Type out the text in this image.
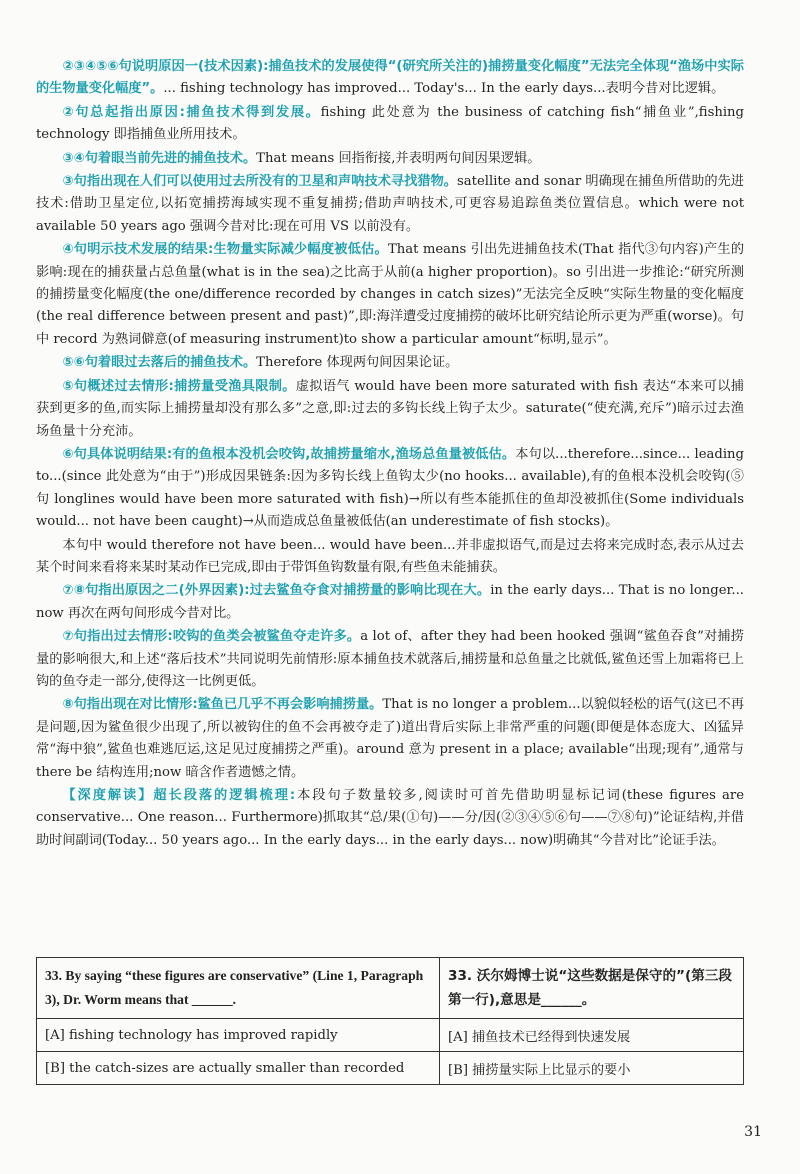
②③④⑤⑥句说明原因一(技术因素):捕鱼技术的发展使得“(研究所关注的)捕捞量变化幅度”无法完全体现“渔场中实际的生物量变化幅度”。... fishing technology has improved... Today's... In the early days...表明今昔对比逻辑。

②句总起指出原因:捕鱼技术得到发展。fishing 此处意为 the business of catching fish“捕鱼业”,fishing technology 即指捕鱼业所用技术。

③④句着眼当前先进的捕鱼技术。That means 回指衔接,并表明两句间因果逻辑。

③句指出现在人们可以使用过去所没有的卫星和声呐技术寻找猎物。satellite and sonar 明确现在捕鱼所借助的先进技术:借助卫星定位,以拓宽捕捞海域实现不重复捕捞;借助声呐技术,可更容易追踪鱼类位置信息。which were not available 50 years ago 强调今昔对比:现在可用 VS 以前没有。

④句明示技术发展的结果:生物量实际减少幅度被低估。That means 引出先进捕鱼技术(That 指代③句内容)产生的影响:现在的捕获量占总鱼量(what is in the sea)之比高于从前(a higher proportion)。so 引出进一步推论:“研究所测的捕捞量变化幅度(the one/difference recorded by changes in catch sizes)”无法完全反映“实际生物量的变化幅度(the real difference between present and past)”,即:海洋遭受过度捕捞的破坏比研究结论所示更为严重(worse)。句中 record 为熟词僻意(of measuring instrument)to show a particular amount“标明,显示”。

⑤⑥句着眼过去落后的捕鱼技术。Therefore 体现两句间因果论证。

⑤句概述过去情形:捕捞量受渔具限制。虚拟语气 would have been more saturated with fish 表达“本来可以捕获到更多的鱼,而实际上捕捞量却没有那么多”之意,即:过去的多钩长线上钩子太少。saturate(“使充满,充斥”)暗示过去渔场鱼量十分充沛。

⑥句具体说明结果:有的鱼根本没机会咬钩,故捕捞量缩水,渔场总鱼量被低估。本句以...therefore...since... leading to...(since 此处意为“由于”)形成因果链条:因为多钩长线上鱼钩太少(no hooks... available),有的鱼根本没机会咬钩(⑤句 longlines would have been more saturated with fish)→所以有些本能抓住的鱼却没被抓住(Some individuals would... not have been caught)→从而造成总鱼量被低估(an underestimate of fish stocks)。

本句中 would therefore not have been... would have been...并非虚拟语气,而是过去将来完成时态,表示从过去某个时间来看将来某时某动作已完成,即由于带饵鱼钩数量有限,有些鱼未能捕获。

⑦⑧句指出原因之二(外界因素):过去鲨鱼夺食对捕捞量的影响比现在大。in the early days... That is no longer... now 再次在两句间形成今昔对比。

⑦句指出过去情形:咬钩的鱼类会被鲨鱼夺走许多。a lot of、after they had been hooked 强调“鲨鱼吞食”对捕捞量的影响很大,和上述“落后技术”共同说明先前情形:原本捕鱼技术就落后,捕捞量和总鱼量之比就低,鲨鱼还雪上加霜将已上钩的鱼夺走一部分,使得这一比例更低。

⑧句指出现在对比情形:鲨鱼已几乎不再会影响捕捞量。That is no longer a problem...以貌似轻松的语气(这已不再是问题,因为鲨鱼很少出现了,所以被钩住的鱼不会再被夺走了)道出背后实际上非常严重的问题(即便是体态庞大、凶猛异常“海中狼”,鲨鱼也难逃厄运,这足见过度捕捞之严重)。around 意为 present in a place; available“出现;现有”,通常与 there be 结构连用;now 暗含作者遗憾之情。

【深度解读】超长段落的逻辑梳理:本段句子数量较多,阅读时可首先借助明显标记词(these figures are conservative... One reason... Furthermore)抓取其“总/果(①句)——分/因(②③④⑤⑥句——⑦⑧句)”论证结构,并借助时间副词(Today... 50 years ago... In the early days... in the early days... now)明确其“今昔对比”论证手法。

33. By saying “these figures are conservative” (Line 1, Paragraph 3), Dr. Worm means that ______.	33. 沃尔姆博士说“这些数据是保守的”(第三段第一行),意思是______。
[A] fishing technology has improved rapidly	[A] 捕鱼技术已经得到快速发展
[B] the catch-sizes are actually smaller than recorded	[B] 捕捞量实际上比显示的要小
31
